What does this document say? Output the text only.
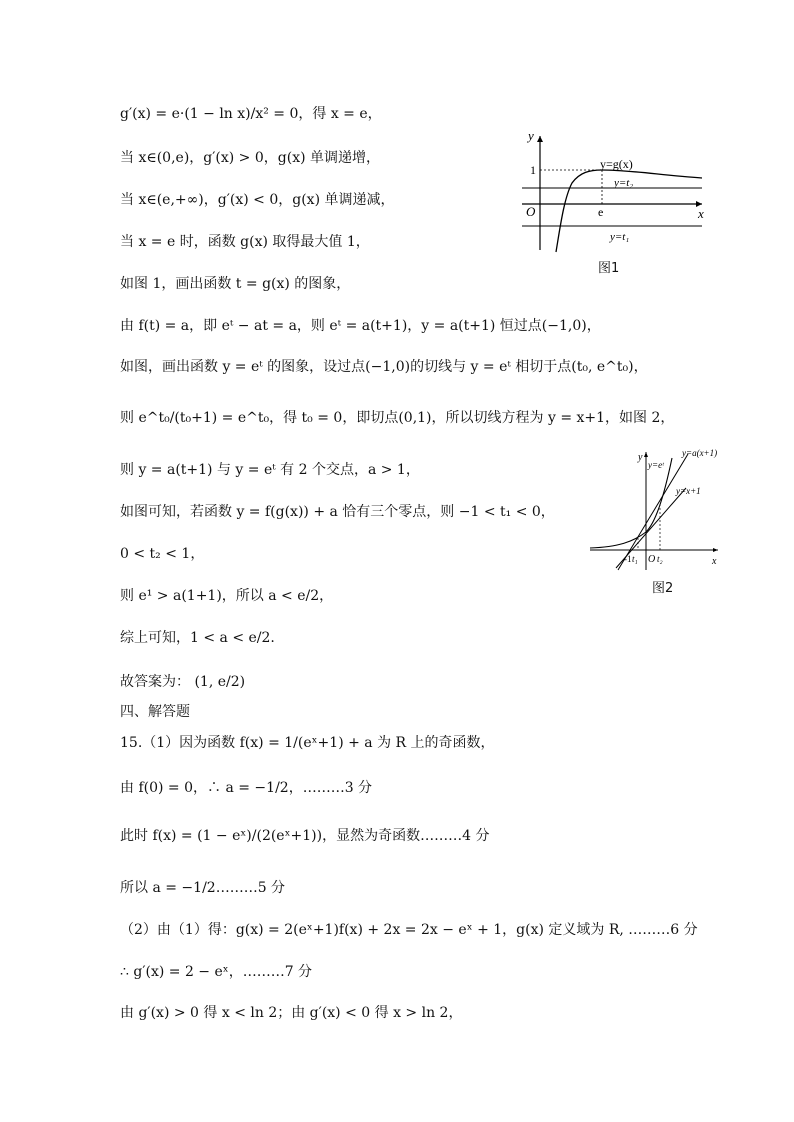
g′(x) = e·(1 − ln x)/x² = 0，得 x = e，
当 x∈(0,e)，g′(x) > 0，g(x) 单调递增，
当 x∈(e,+∞)，g′(x) < 0，g(x) 单调递减，
当 x = e 时，函数 g(x) 取得最大值 1，
如图 1，画出函数 t = g(x) 的图象，
由 f(t) = a，即 eᵗ − at = a，则 eᵗ = a(t+1)，y = a(t+1) 恒过点(−1,0)，
如图，画出函数 y = eᵗ 的图象，设过点(−1,0)的切线与 y = eᵗ 相切于点(t₀, e^t₀)，
则 e^t₀/(t₀+1) = e^t₀，得 t₀ = 0，即切点(0,1)，所以切线方程为 y = x+1，如图 2，
则 y = a(t+1) 与 y = eᵗ 有 2 个交点，a > 1，
如图可知，若函数 y = f(g(x)) + a 恰有三个零点，则 −1 < t₁ < 0，
0 < t₂ < 1，
则 e¹ > a(1+1)，所以 a < e/2，
综上可知，1 < a < e/2.
故答案为： (1, e/2)
四、解答题
15.（1）因为函数 f(x) = 1/(eˣ+1) + a 为 R 上的奇函数，
由 f(0) = 0，∴ a = −1/2，………3 分
此时 f(x) = (1 − eˣ)/(2(eˣ+1))，显然为奇函数………4 分
所以 a = −1/2………5 分
（2）由（1）得：g(x) = 2(eˣ+1)f(x) + 2x = 2x − eˣ + 1，g(x) 定义域为 R, ………6 分
∴ g′(x) = 2 − eˣ，………7 分
由 g′(x) > 0 得 x < ln 2；由 g′(x) < 0 得 x > ln 2，
y
x
O
1
e
y=g(x)
y=t₂
y=t₁
图1
y
x
O
y=eᵗ
y=a(x+1)
y=x+1
-1 t₁ t₂
图2
